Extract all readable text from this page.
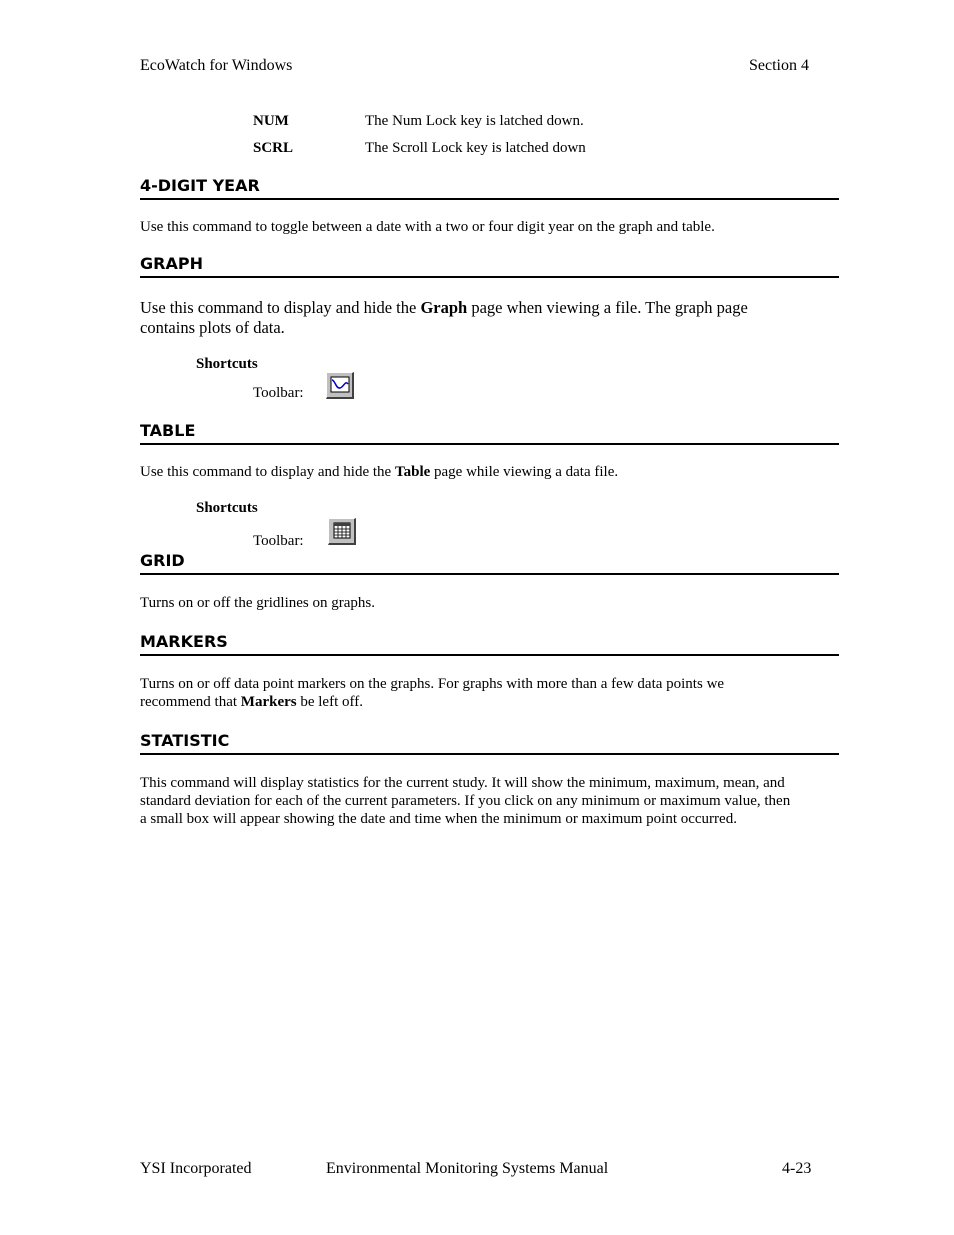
EcoWatch for Windows	Section 4
NUM	The Num Lock key is latched down.
SCRL	The Scroll Lock key is latched down
4-DIGIT YEAR
Use this command to toggle between a date with a two or four digit year on the graph and table.
GRAPH
Use this command to display and hide the Graph page when viewing a file. The graph page contains plots of data.
Shortcuts
Toolbar:
TABLE
Use this command to display and hide the Table page while viewing a data file.
Shortcuts
Toolbar:
GRID
Turns on or off the gridlines on graphs.
MARKERS
Turns on or off data point markers on the graphs. For graphs with more than a few data points we recommend that Markers be left off.
STATISTIC
This command will display statistics for the current study. It will show the minimum, maximum, mean, and standard deviation for each of the current parameters. If you click on any minimum or maximum value, then a small box will appear showing the date and time when the minimum or maximum point occurred.
YSI Incorporated	Environmental Monitoring Systems Manual	4-23
